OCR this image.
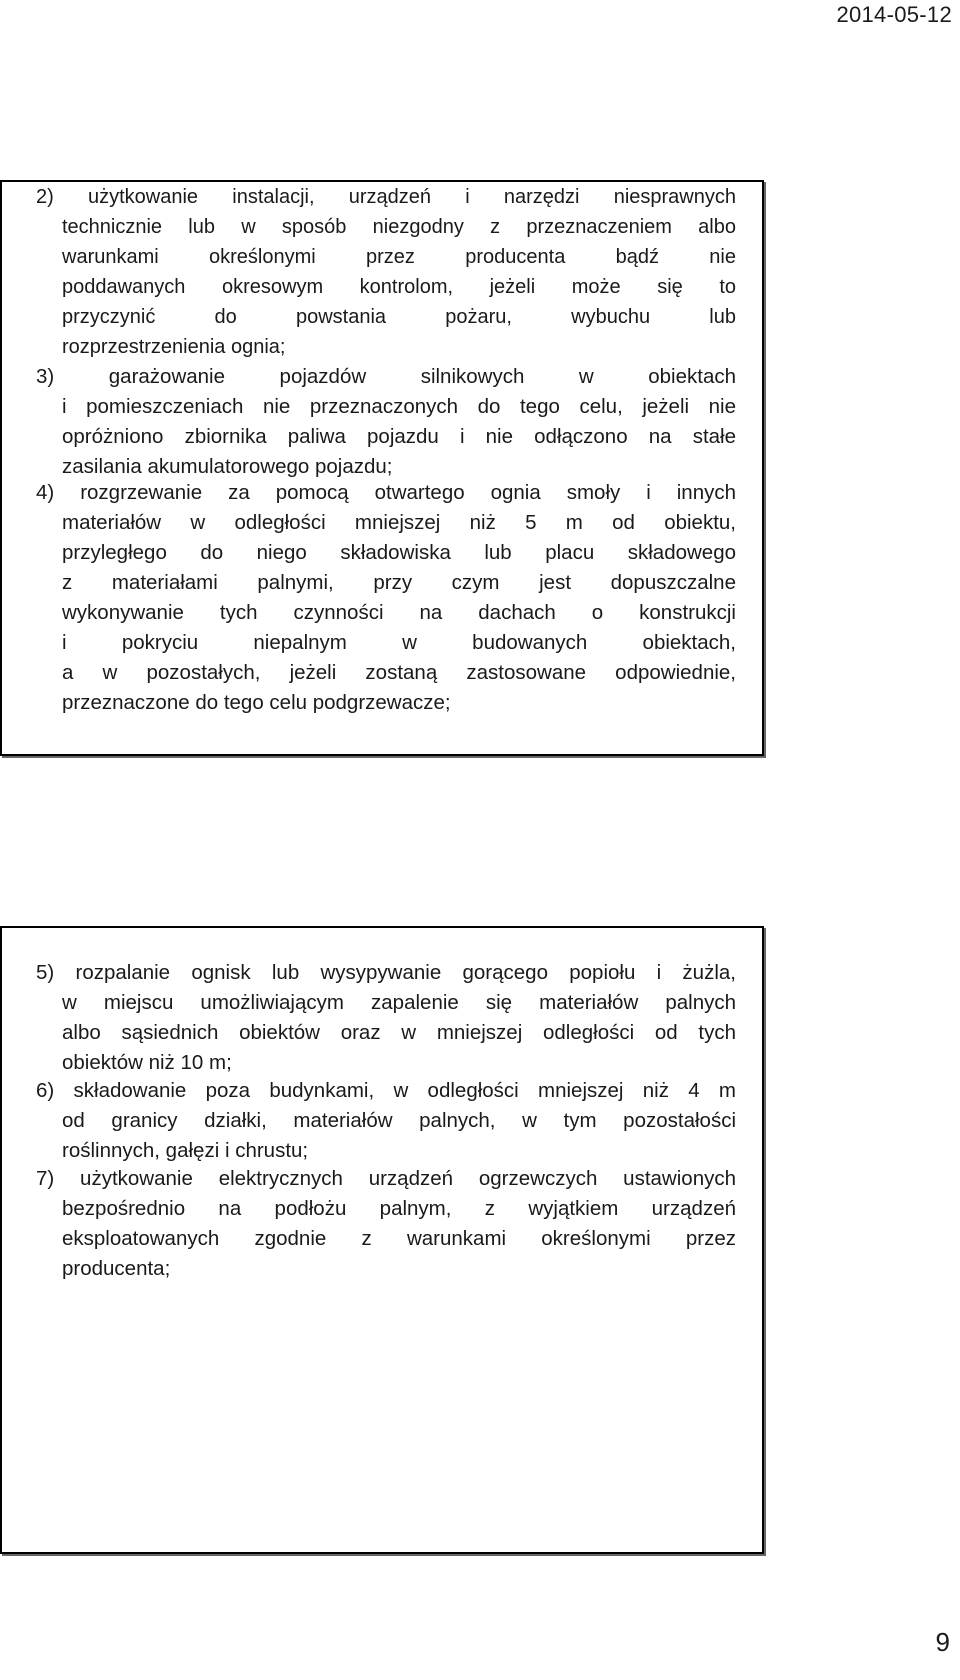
2014-05-12
2) użytkowanie instalacji, urządzeń i narzędzi niesprawnych
technicznie lub w sposób niezgodny z przeznaczeniem albo
warunkami określonymi przez producenta bądź nie
poddawanych okresowym kontrolom, jeżeli może się to
przyczynić do powstania pożaru, wybuchu lub
rozprzestrzenienia ognia;
3) garażowanie pojazdów silnikowych w obiektach
i pomieszczeniach nie przeznaczonych do tego celu, jeżeli nie
opróżniono zbiornika paliwa pojazdu i nie odłączono na stałe
zasilania akumulatorowego pojazdu;
4) rozgrzewanie za pomocą otwartego ognia smoły i innych
materiałów w odległości mniejszej niż 5 m od obiektu,
przyległego do niego składowiska lub placu składowego
z materiałami palnymi, przy czym jest dopuszczalne
wykonywanie tych czynności na dachach o konstrukcji
i pokryciu niepalnym w budowanych obiektach,
a w pozostałych, jeżeli zostaną zastosowane odpowiednie,
przeznaczone do tego celu podgrzewacze;
5) rozpalanie ognisk lub wysypywanie gorącego popiołu i żużla,
w miejscu umożliwiającym zapalenie się materiałów palnych
albo sąsiednich obiektów oraz w mniejszej odległości od tych
obiektów niż 10 m;
6) składowanie poza budynkami, w odległości mniejszej niż 4 m
od granicy działki, materiałów palnych, w tym pozostałości
roślinnych, gałęzi i chrustu;
7) użytkowanie elektrycznych urządzeń ogrzewczych ustawionych
bezpośrednio na podłożu palnym, z wyjątkiem urządzeń
eksploatowanych zgodnie z warunkami określonymi przez
producenta;
9
